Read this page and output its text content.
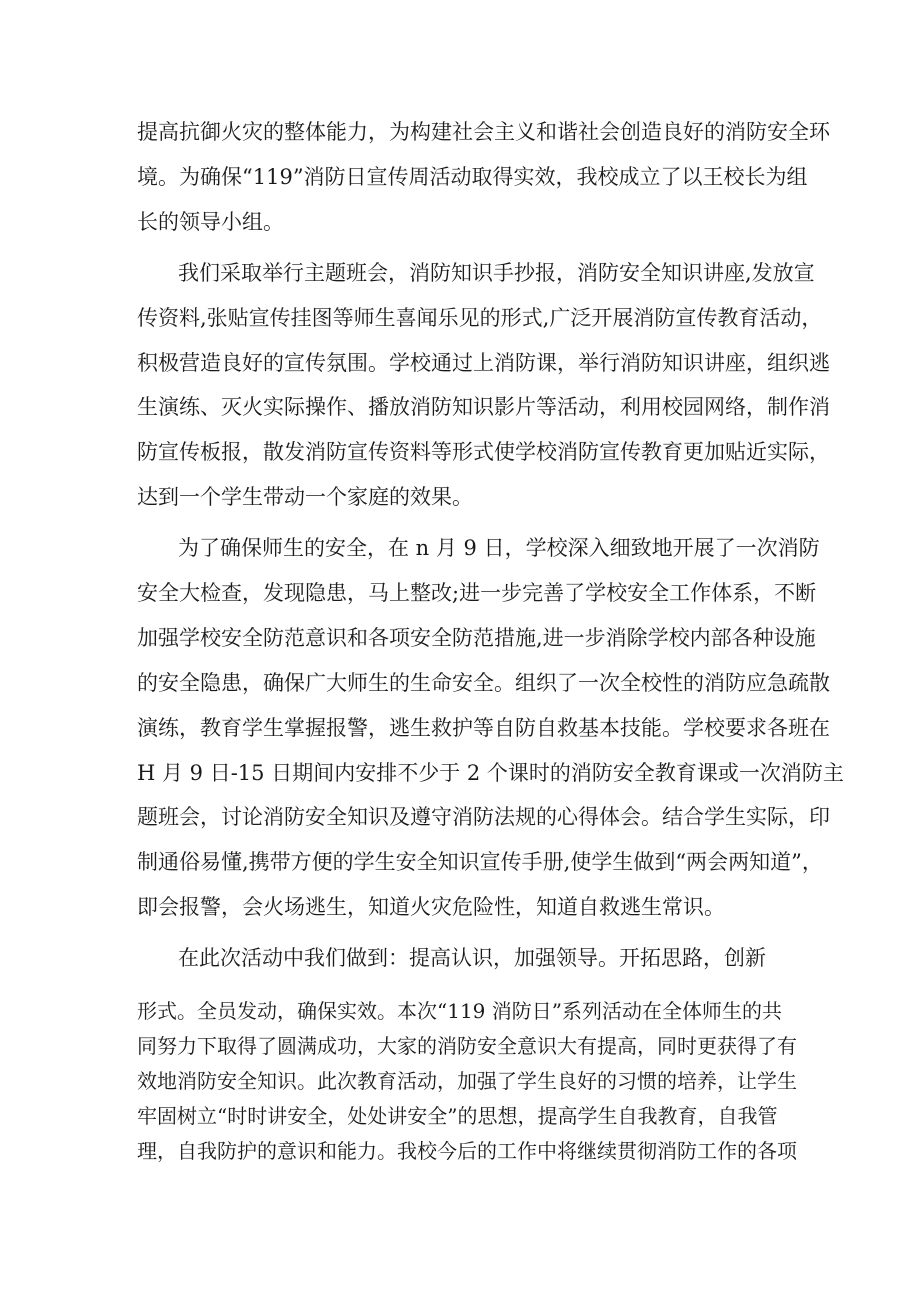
提高抗御火灾的整体能力，为构建社会主义和谐社会创造良好的消防安全环

境。为确保“119”消防日宣传周活动取得实效，我校成立了以王校长为组

长的领导小组。

我们采取举行主题班会，消防知识手抄报，消防安全知识讲座,发放宣

传资料,张贴宣传挂图等师生喜闻乐见的形式,广泛开展消防宣传教育活动，

积极营造良好的宣传氛围。学校通过上消防课，举行消防知识讲座，组织逃

生演练、灭火实际操作、播放消防知识影片等活动，利用校园网络，制作消

防宣传板报，散发消防宣传资料等形式使学校消防宣传教育更加贴近实际，

达到一个学生带动一个家庭的效果。

为了确保师生的安全，在 n 月 9 日，学校深入细致地开展了一次消防

安全大检查，发现隐患，马上整改;进一步完善了学校安全工作体系，不断

加强学校安全防范意识和各项安全防范措施,进一步消除学校内部各种设施

的安全隐患，确保广大师生的生命安全。组织了一次全校性的消防应急疏散

演练，教育学生掌握报警，逃生救护等自防自救基本技能。学校要求各班在

H 月 9 日-15 日期间内安排不少于 2 个课时的消防安全教育课或一次消防主

题班会，讨论消防安全知识及遵守消防法规的心得体会。结合学生实际，印

制通俗易懂,携带方便的学生安全知识宣传手册,使学生做到“两会两知道”，

即会报警，会火场逃生，知道火灾危险性，知道自救逃生常识。

在此次活动中我们做到：提高认识，加强领导。开拓思路，创新

形式。全员发动，确保实效。本次“119 消防日”系列活动在全体师生的共

同努力下取得了圆满成功，大家的消防安全意识大有提高，同时更获得了有

效地消防安全知识。此次教育活动，加强了学生良好的习惯的培养，让学生

牢固树立“时时讲安全，处处讲安全”的思想，提高学生自我教育，自我管

理，自我防护的意识和能力。我校今后的工作中将继续贯彻消防工作的各项
